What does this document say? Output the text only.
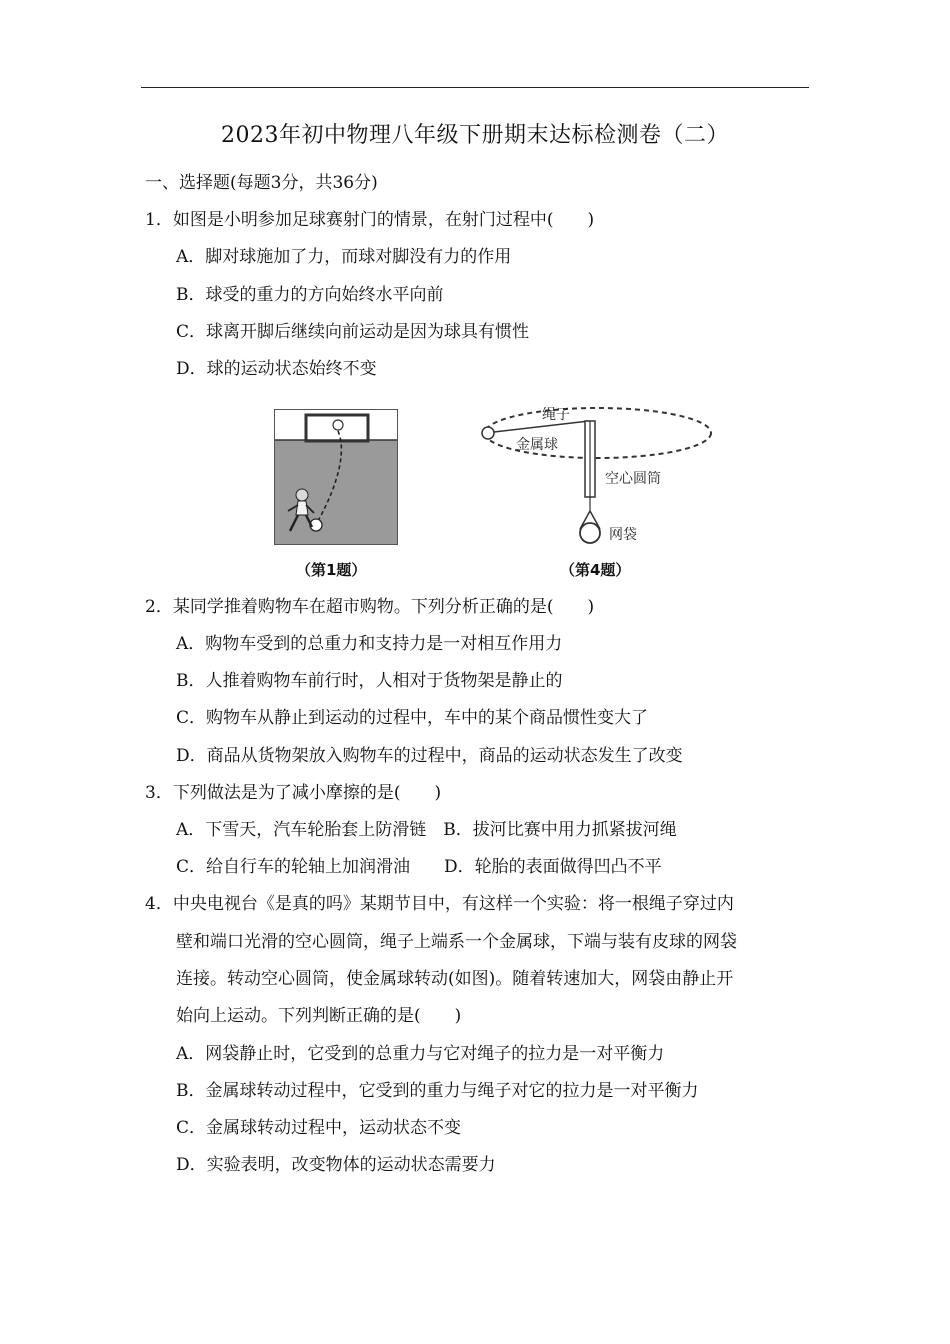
2023年初中物理八年级下册期末达标检测卷（二）
一、选择题(每题3分，共36分)
1．如图是小明参加足球赛射门的情景，在射门过程中(　　)
A．脚对球施加了力，而球对脚没有力的作用
B．球受的重力的方向始终水平向前
C．球离开脚后继续向前运动是因为球具有惯性
D．球的运动状态始终不变
（第1题）
绳子
金属球
空心圆筒
网袋
（第4题）
2．某同学推着购物车在超市购物。下列分析正确的是(　　)
A．购物车受到的总重力和支持力是一对相互作用力
B．人推着购物车前行时，人相对于货物架是静止的
C．购物车从静止到运动的过程中，车中的某个商品惯性变大了
D．商品从货物架放入购物车的过程中，商品的运动状态发生了改变
3．下列做法是为了减小摩擦的是(　　)
A．下雪天，汽车轮胎套上防滑链　B．拔河比赛中用力抓紧拔河绳
C．给自行车的轮轴上加润滑油　　D．轮胎的表面做得凹凸不平
4．中央电视台《是真的吗》某期节目中，有这样一个实验：将一根绳子穿过内
壁和端口光滑的空心圆筒，绳子上端系一个金属球，下端与装有皮球的网袋
连接。转动空心圆筒，使金属球转动(如图)。随着转速加大，网袋由静止开
始向上运动。下列判断正确的是(　　)
A．网袋静止时，它受到的总重力与它对绳子的拉力是一对平衡力
B．金属球转动过程中，它受到的重力与绳子对它的拉力是一对平衡力
C．金属球转动过程中，运动状态不变
D．实验表明，改变物体的运动状态需要力
